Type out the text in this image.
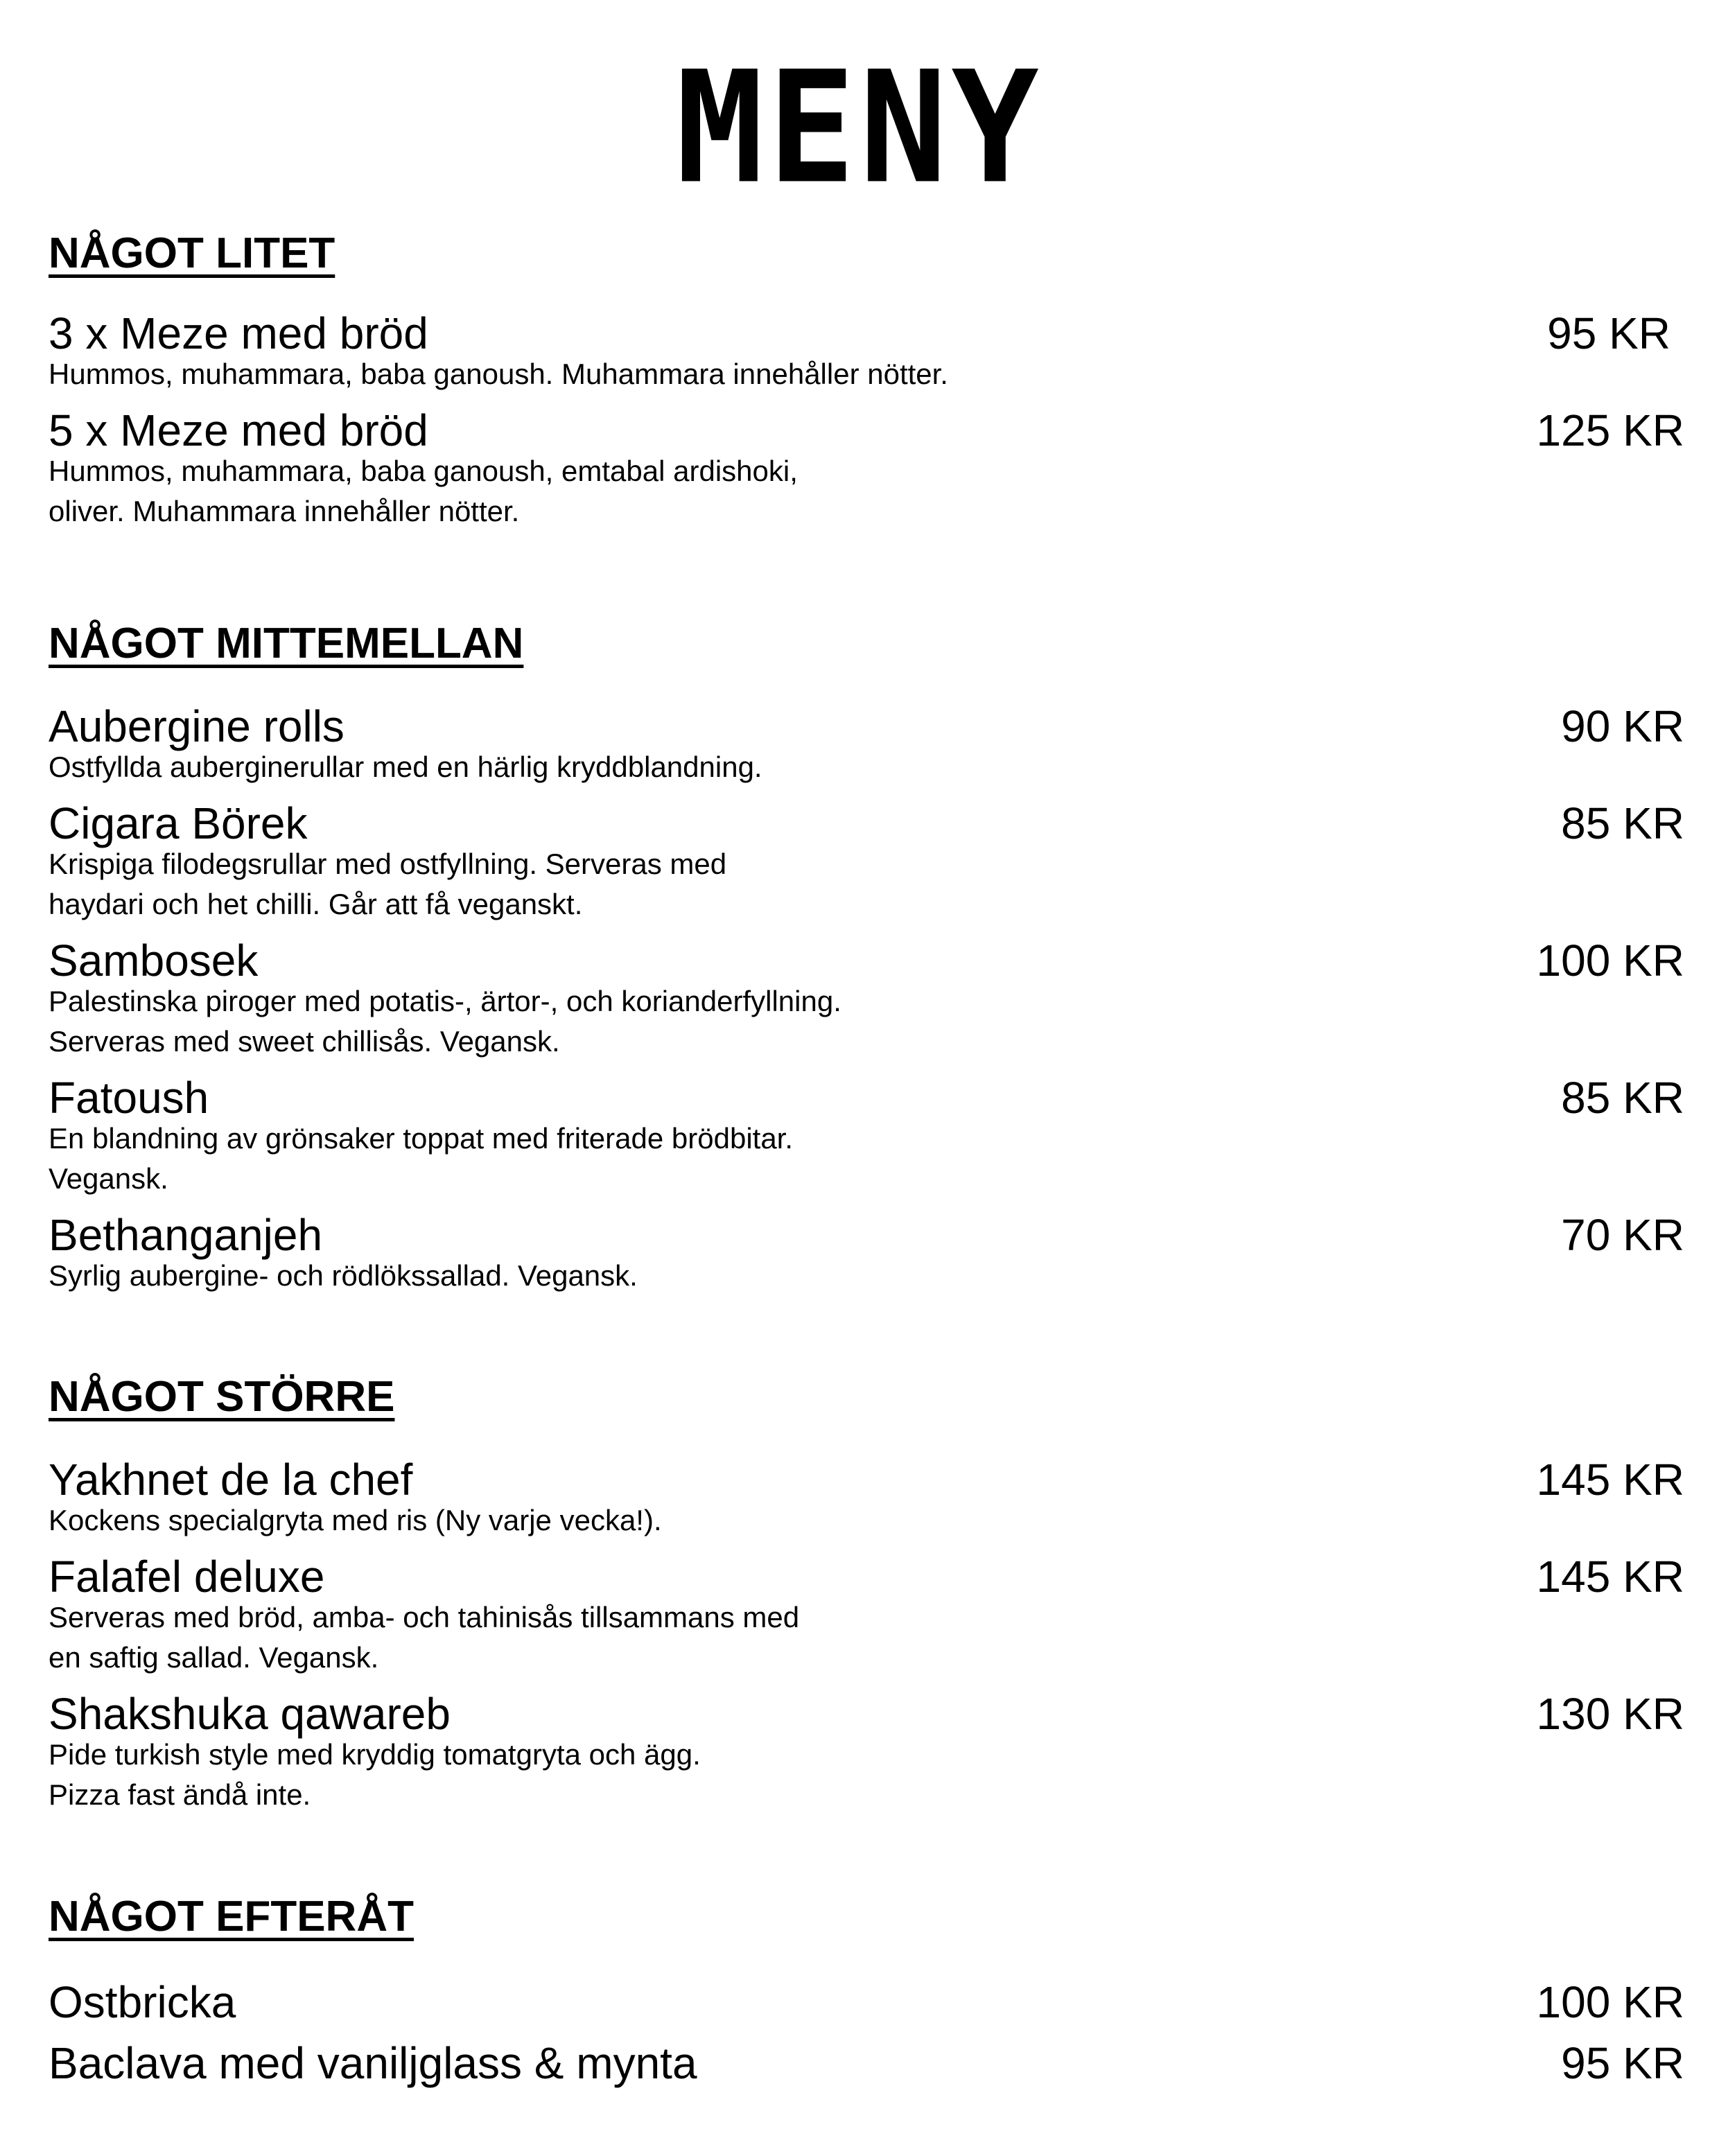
MENY
NÅGOT LITET
3 x Meze med bröd	95 KR
Hummos, muhammara, baba ganoush. Muhammara innehåller nötter.
5 x Meze med bröd	125 KR
Hummos, muhammara, baba ganoush, emtabal ardishoki,
oliver. Muhammara innehåller nötter.
NÅGOT MITTEMELLAN
Aubergine rolls	90 KR
Ostfyllda auberginerullar med en härlig kryddblandning.
Cigara Börek	85 KR
Krispiga filodegsrullar med ostfyllning. Serveras med
haydari och het chilli. Går att få veganskt.
Sambosek	100 KR
Palestinska piroger med potatis-, ärtor-, och korianderfyllning.
Serveras med sweet chillisås. Vegansk.
Fatoush	85 KR
En blandning av grönsaker toppat med friterade brödbitar.
Vegansk.
Bethanganjeh	70 KR
Syrlig aubergine- och rödlökssallad. Vegansk.
NÅGOT STÖRRE
Yakhnet de la chef	145 KR
Kockens specialgryta med ris (Ny varje vecka!).
Falafel deluxe	145 KR
Serveras med bröd, amba- och tahinisås tillsammans med
en saftig sallad. Vegansk.
Shakshuka qawareb	130 KR
Pide turkish style med kryddig tomatgryta och ägg.
Pizza fast ändå inte.
NÅGOT EFTERÅT
Ostbricka	100 KR
Baclava med vaniljglass & mynta	95 KR
